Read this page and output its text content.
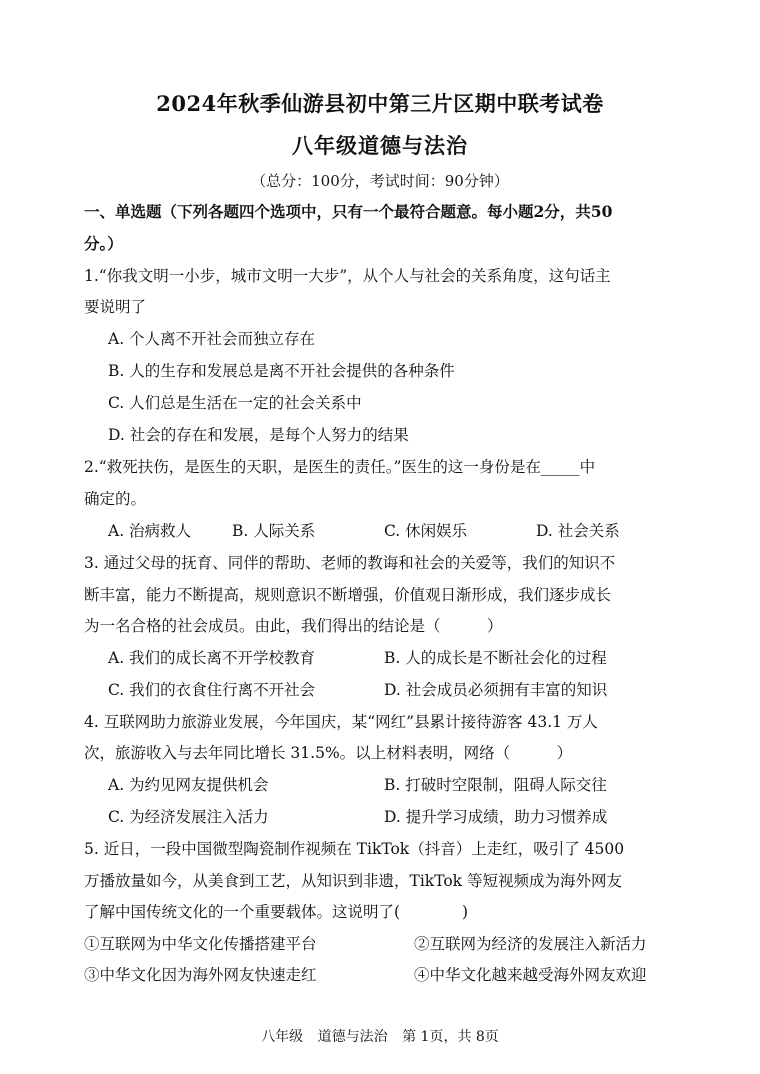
2024年秋季仙游县初中第三片区期中联考试卷
八年级道德与法治
（总分：100分，考试时间：90分钟）
一、单选题（下列各题四个选项中，只有一个最符合题意。每小题2分，共50
分。）
1.“你我文明一小步，城市文明一大步”，从个人与社会的关系角度，这句话主
要说明了
A. 个人离不开社会而独立存在
B. 人的生存和发展总是离不开社会提供的各种条件
C. 人们总是生活在一定的社会关系中
D. 社会的存在和发展，是每个人努力的结果
2.“救死扶伤，是医生的天职，是医生的责任。”医生的这一身份是在_____中
确定的。
A. 治病救人	B. 人际关系	C. 休闲娱乐	D. 社会关系
3. 通过父母的抚育、同伴的帮助、老师的教诲和社会的关爱等，我们的知识不
断丰富，能力不断提高，规则意识不断增强，价值观日渐形成，我们逐步成长
为一名合格的社会成员。由此，我们得出的结论是（　　　）
A. 我们的成长离不开学校教育	B. 人的成长是不断社会化的过程
C. 我们的衣食住行离不开社会	D. 社会成员必须拥有丰富的知识
4. 互联网助力旅游业发展，今年国庆，某“网红”县累计接待游客 43.1 万人
次，旅游收入与去年同比增长 31.5%。以上材料表明，网络（　　　）
A. 为约见网友提供机会	B. 打破时空限制，阻碍人际交往
C. 为经济发展注入活力	D. 提升学习成绩，助力习惯养成
5. 近日，一段中国微型陶瓷制作视频在 TikTok（抖音）上走红，吸引了 4500
万播放量如今，从美食到工艺，从知识到非遗，TikTok 等短视频成为海外网友
了解中国传统文化的一个重要载体。这说明了(　　　　)
①互联网为中华文化传播搭建平台	②互联网为经济的发展注入新活力
③中华文化因为海外网友快速走红	④中华文化越来越受海外网友欢迎
八年级 道德与法治 第 1页，共 8页
